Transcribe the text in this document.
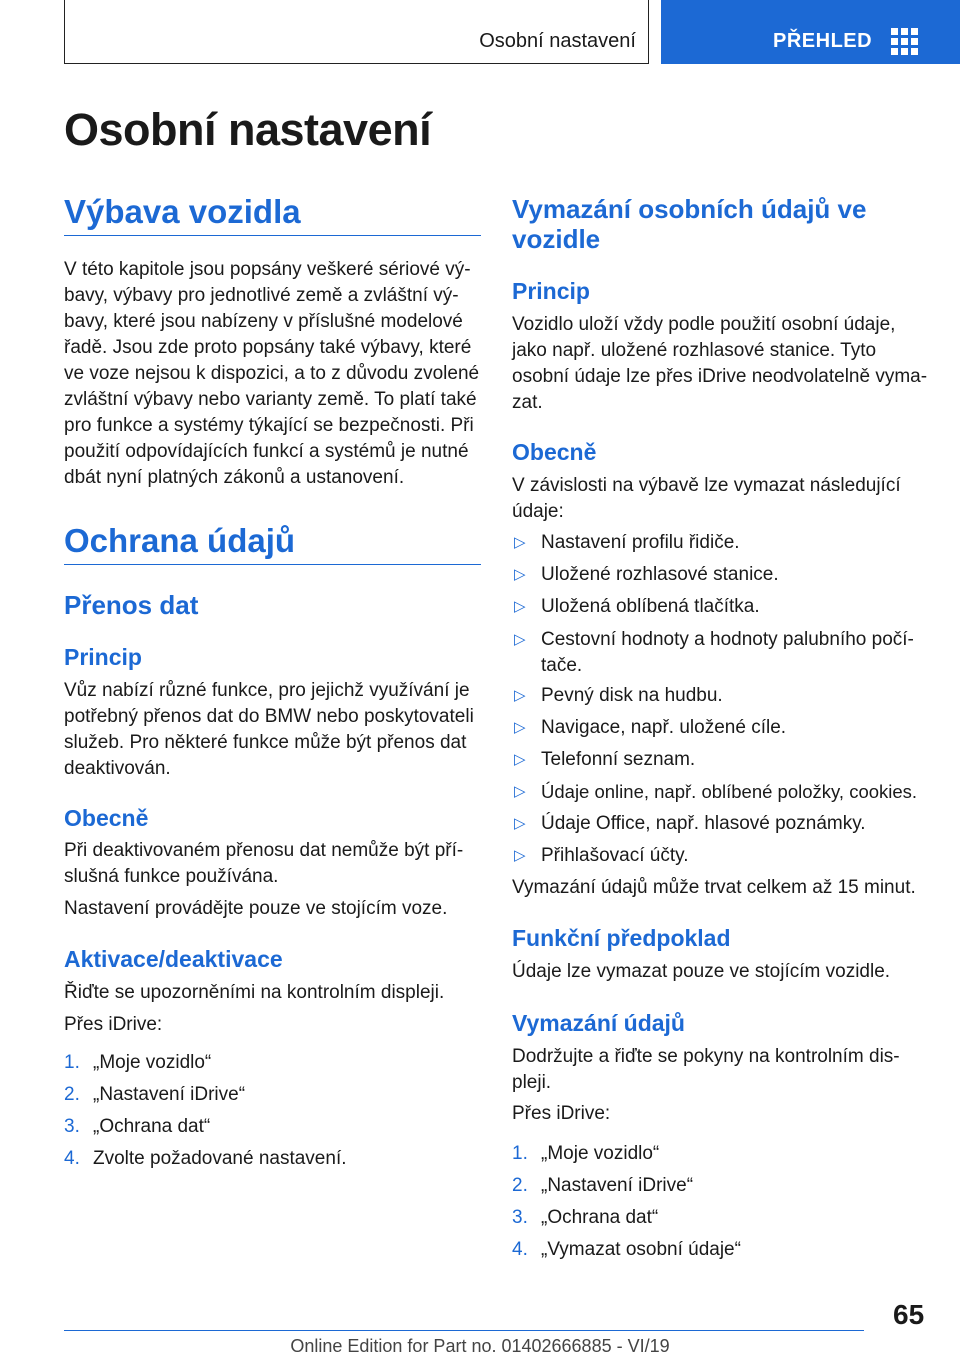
Osobní nastavení	PŘEHLED
Osobní nastavení
Výbava vozidla
V této kapitole jsou popsány veškeré sériové vý-
bavy, výbavy pro jednotlivé země a zvláštní vý-
bavy, které jsou nabízeny v příslušné modelové
řadě. Jsou zde proto popsány také výbavy, které
ve voze nejsou k dispozici, a to z důvodu zvolené
zvláštní výbavy nebo varianty země. To platí také
pro funkce a systémy týkající se bezpečnosti. Při
použití odpovídajících funkcí a systémů je nutné
dbát nyní platných zákonů a ustanovení.
Ochrana údajů
Přenos dat
Princip
Vůz nabízí různé funkce, pro jejichž využívání je
potřebný přenos dat do BMW nebo poskytovateli
služeb. Pro některé funkce může být přenos dat
deaktivován.
Obecně
Při deaktivovaném přenosu dat nemůže být pří-
slušná funkce používána.
Nastavení provádějte pouze ve stojícím voze.
Aktivace/deaktivace
Řiďte se upozorněními na kontrolním displeji.
Přes iDrive:
1. „Moje vozidlo“
2. „Nastavení iDrive“
3. „Ochrana dat“
4. Zvolte požadované nastavení.
Vymazání osobních údajů ve
vozidle
Princip
Vozidlo uloží vždy podle použití osobní údaje,
jako např. uložené rozhlasové stanice. Tyto
osobní údaje lze přes iDrive neodvolatelně vyma-
zat.
Obecně
V závislosti na výbavě lze vymazat následující
údaje:
▷ Nastavení profilu řidiče.
▷ Uložené rozhlasové stanice.
▷ Uložená oblíbená tlačítka.
▷ Cestovní hodnoty a hodnoty palubního počí-
tače.
▷ Pevný disk na hudbu.
▷ Navigace, např. uložené cíle.
▷ Telefonní seznam.
▷ Údaje online, např. oblíbené položky, cookies.
▷ Údaje Office, např. hlasové poznámky.
▷ Přihlašovací účty.
Vymazání údajů může trvat celkem až 15 minut.
Funkční předpoklad
Údaje lze vymazat pouze ve stojícím vozidle.
Vymazání údajů
Dodržujte a řiďte se pokyny na kontrolním dis-
pleji.
Přes iDrive:
1. „Moje vozidlo“
2. „Nastavení iDrive“
3. „Ochrana dat“
4. „Vymazat osobní údaje“
65
Online Edition for Part no. 01402666885 - VI/19
